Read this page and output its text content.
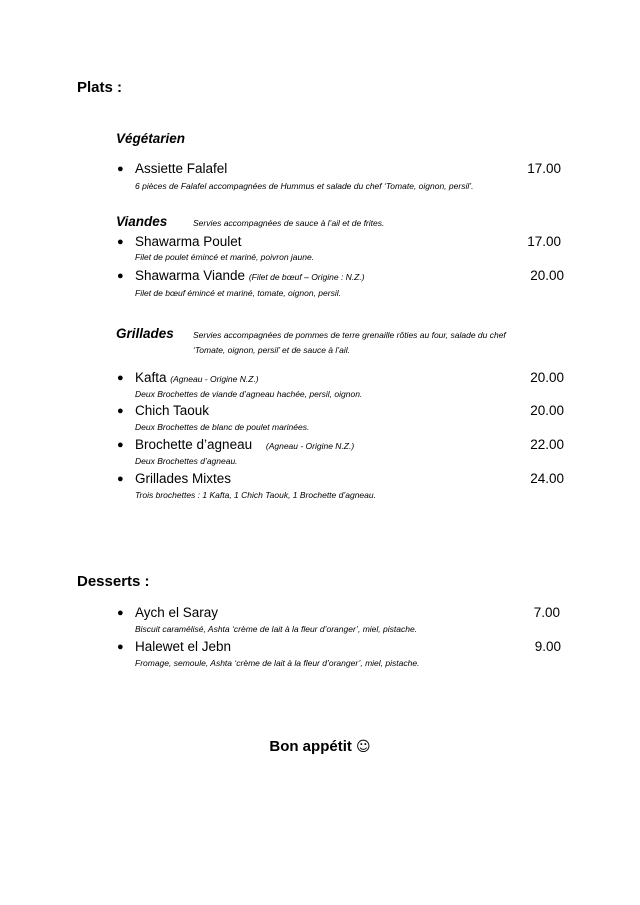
Plats :
Végétarien
● Assiette Falafel	17.00
6 pièces de Falafel accompagnées de Hummus et salade du chef ‘Tomate, oignon, persil’.
Viandes	Servies accompagnées de sauce à l’ail et de frites.
● Shawarma Poulet	17.00
Filet de poulet émincé et mariné, poivron jaune.
● Shawarma Viande (Filet de bœuf – Origine : N.Z.)	20.00
Filet de bœuf émincé et mariné, tomate, oignon, persil.
Grillades Servies accompagnées de pommes de terre grenaille rôties au four, salade du chef
‘Tomate, oignon, persil’ et de sauce à l’ail.
● Kafta (Agneau - Origine N.Z.)	20.00
Deux Brochettes de viande d’agneau hachée, persil, oignon.
● Chich Taouk	20.00
Deux Brochettes de blanc de poulet marinées.
● Brochette d’agneau (Agneau - Origine N.Z.)	22.00
Deux Brochettes d’agneau.
● Grillades Mixtes	24.00
Trois brochettes : 1 Kafta, 1 Chich Taouk, 1 Brochette d’agneau.
Desserts :
● Aych el Saray	7.00
Biscuit caramélisé, Ashta ‘crème de lait à la fleur d’oranger’, miel, pistache.
● Halewet el Jebn	9.00
Fromage, semoule, Ashta ‘crème de lait à la fleur d’oranger’, miel, pistache.
Bon appétit ☺
